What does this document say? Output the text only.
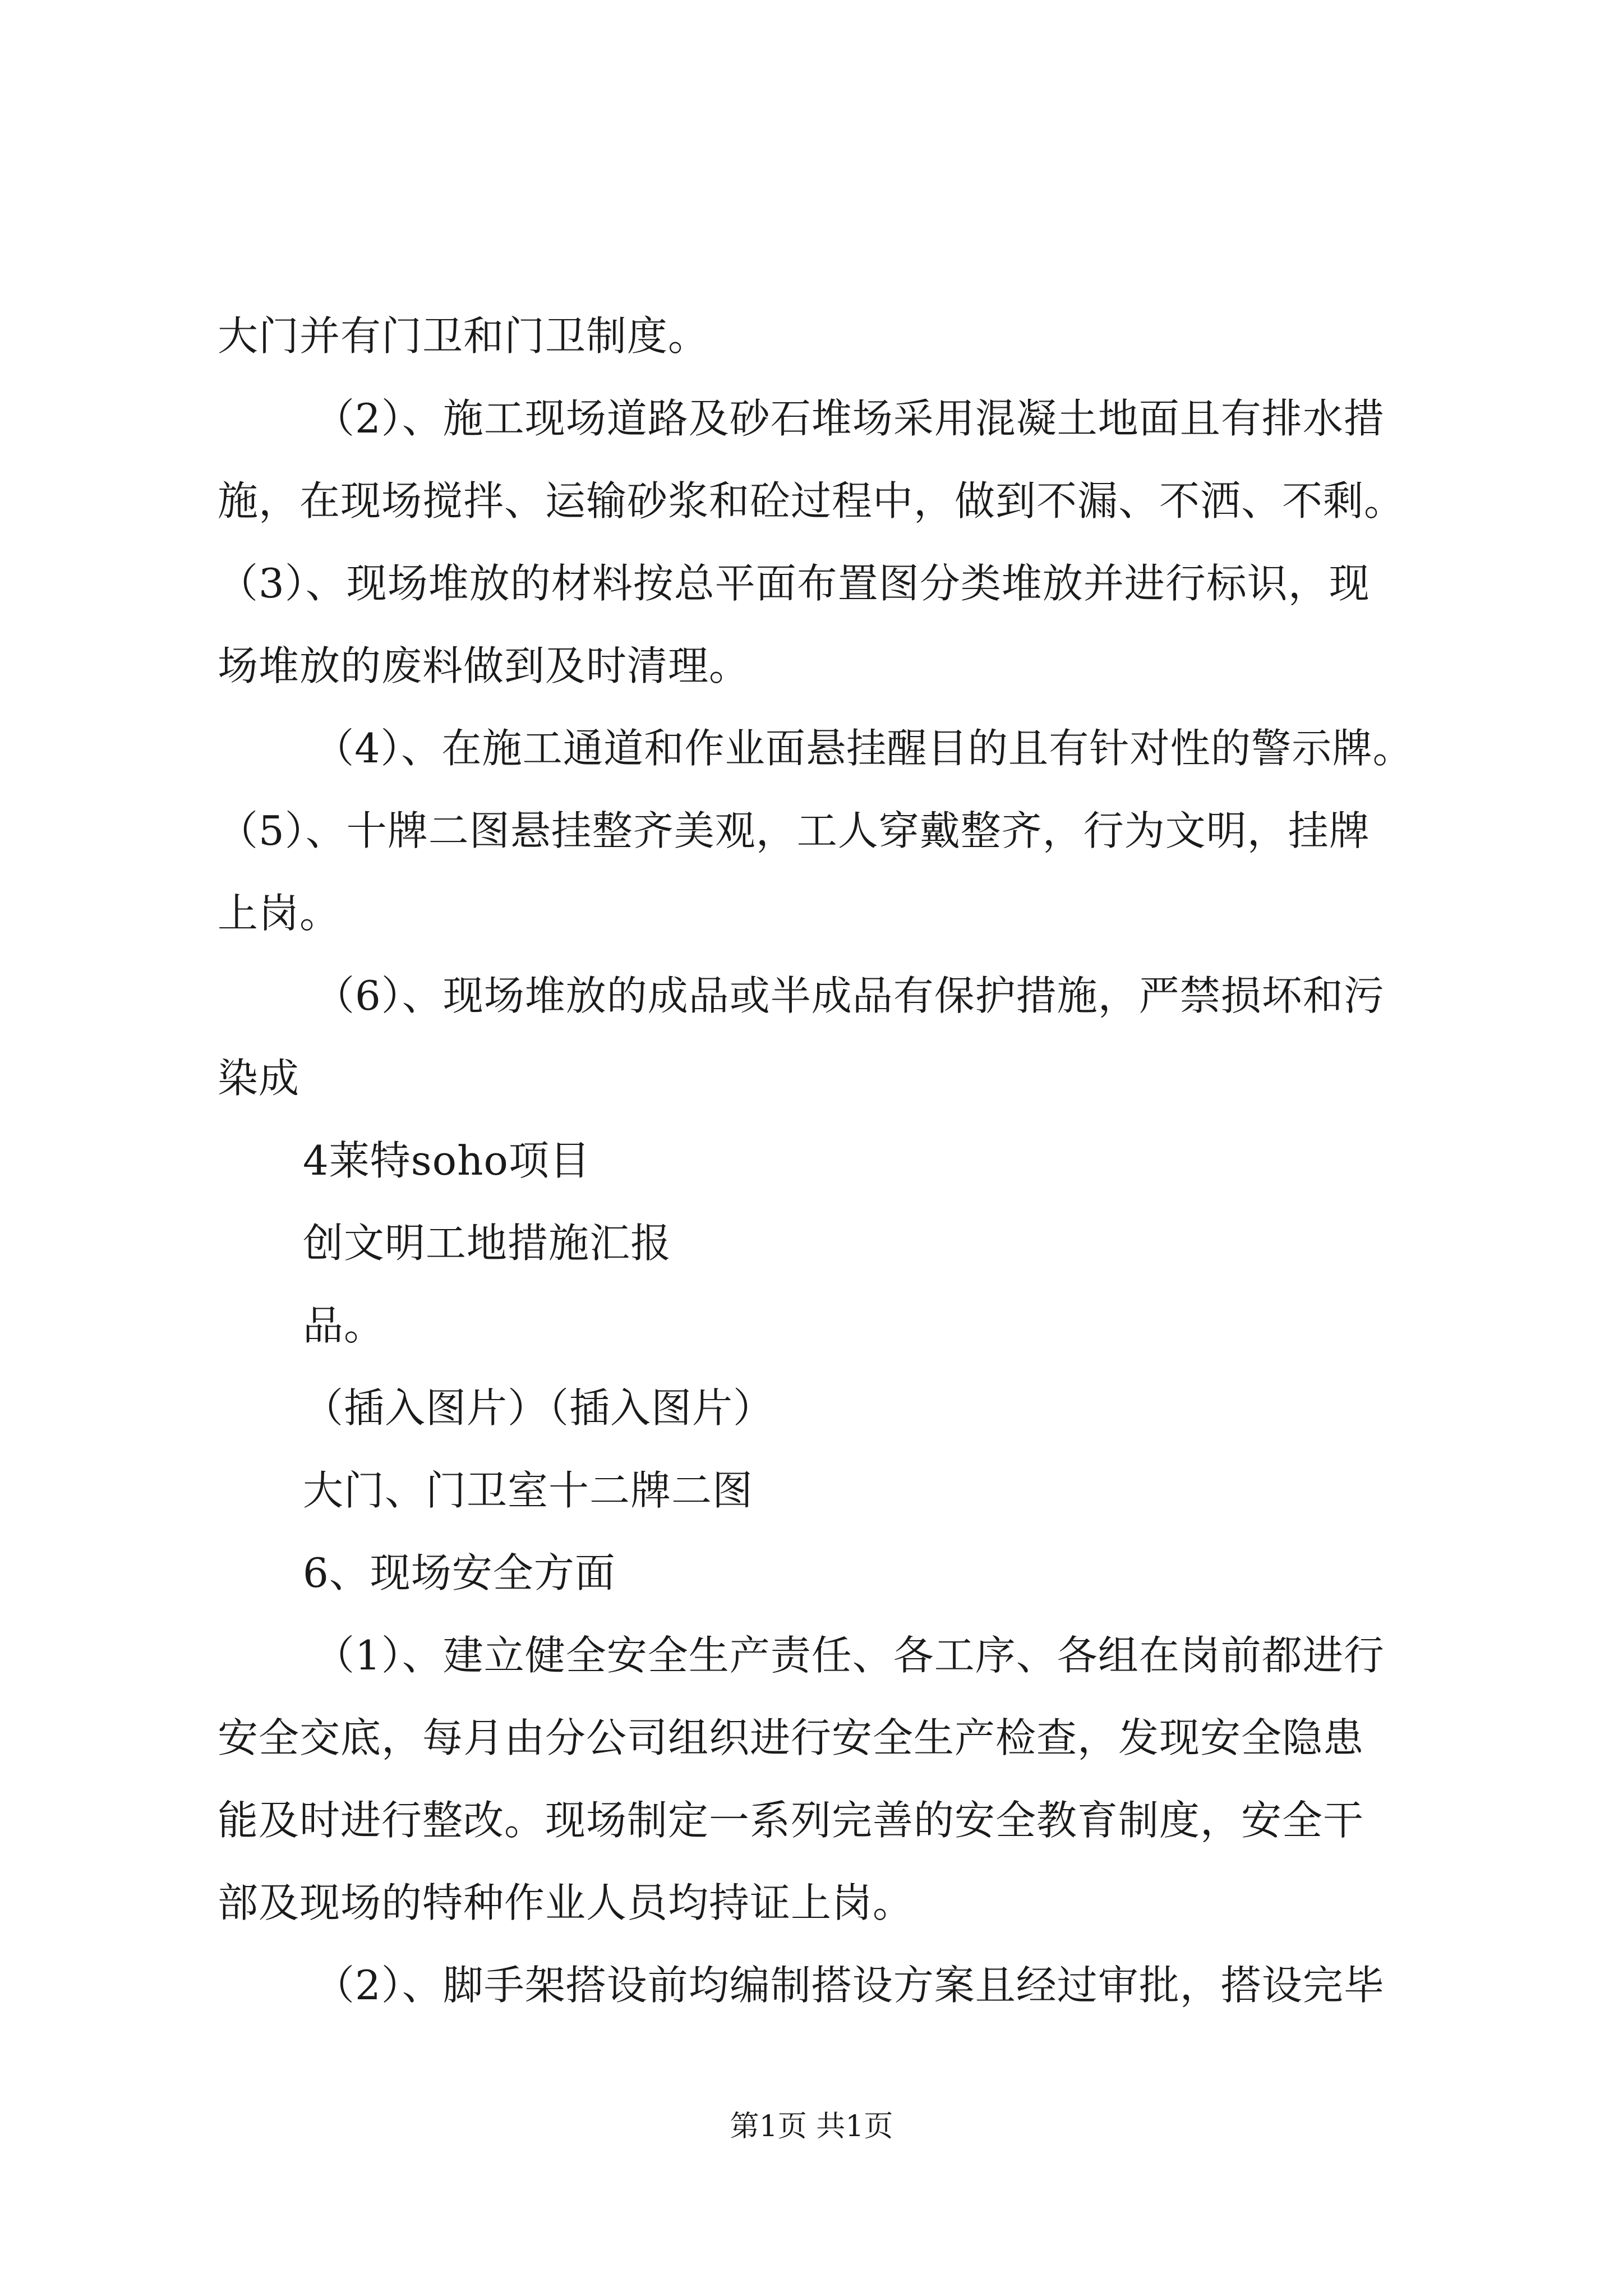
大门并有门卫和门卫制度。
（2）、施工现场道路及砂石堆场采用混凝土地面且有排水措
施，在现场搅拌、运输砂浆和砼过程中，做到不漏、不洒、不剩。
（3）、现场堆放的材料按总平面布置图分类堆放并进行标识，现
场堆放的废料做到及时清理。
（4）、在施工通道和作业面悬挂醒目的且有针对性的警示牌。
（5）、十牌二图悬挂整齐美观，工人穿戴整齐，行为文明，挂牌
上岗。
（6）、现场堆放的成品或半成品有保护措施，严禁损坏和污
染成
4莱特soho项目
创文明工地措施汇报
品。
（插入图片）（插入图片）
大门、门卫室十二牌二图
6、现场安全方面
（1）、建立健全安全生产责任、各工序、各组在岗前都进行
安全交底，每月由分公司组织进行安全生产检查，发现安全隐患
能及时进行整改。现场制定一系列完善的安全教育制度，安全干
部及现场的特种作业人员均持证上岗。
（2）、脚手架搭设前均编制搭设方案且经过审批，搭设完毕
第1页 共1页
